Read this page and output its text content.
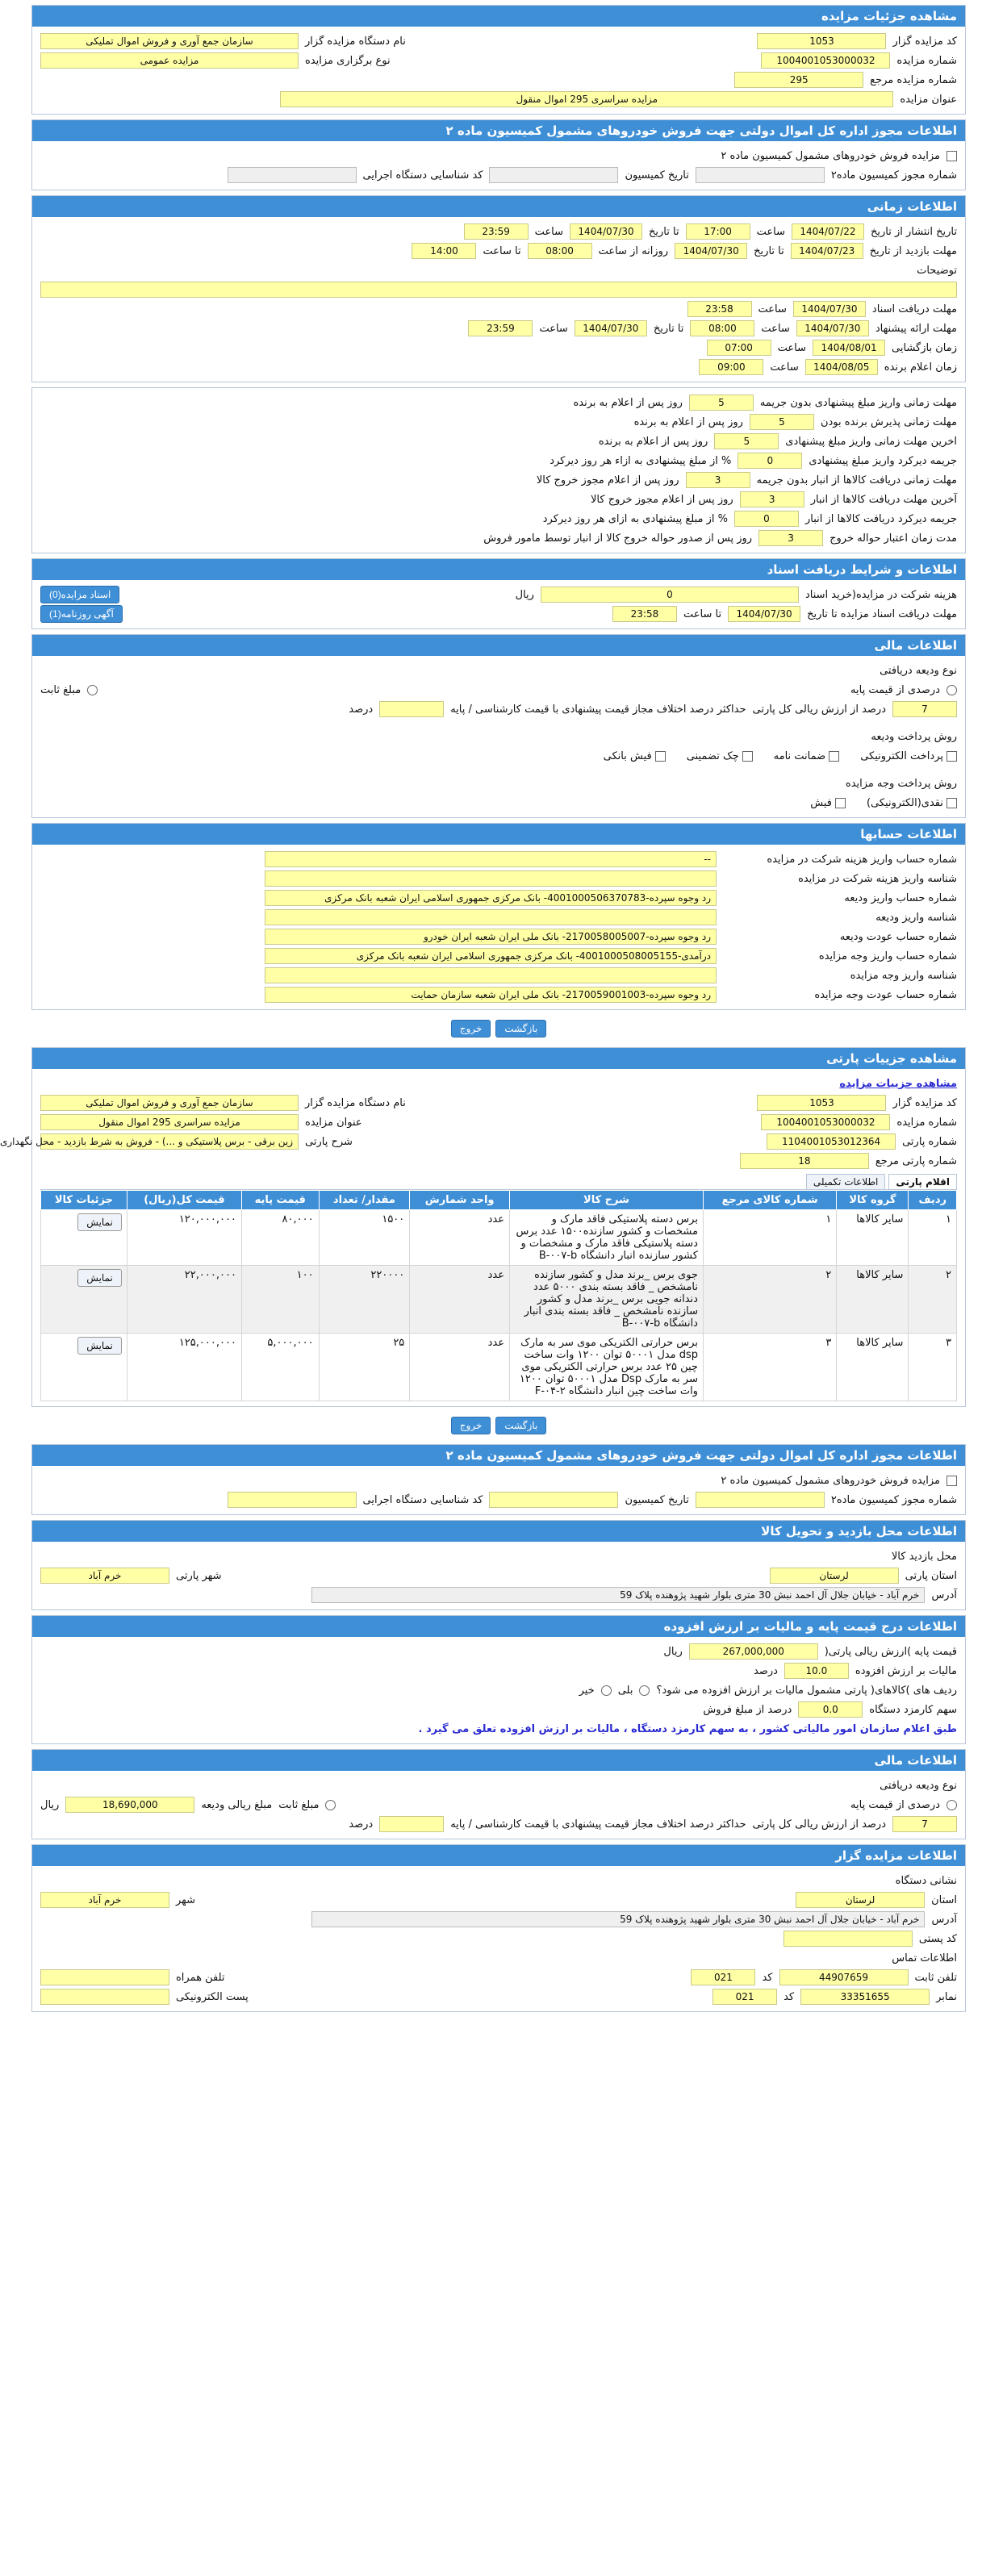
مشاهده جزئیات مزایده
کد مزایده گزار
1053
نام دستگاه مزایده گزار
سازمان جمع آوری و فروش اموال تملیکی
شماره مزایده
1004001053000032
نوع برگزاری مزایده
مزایده عمومی
شماره مزایده مرجع
295
عنوان مزایده
مزایده سراسری 295 اموال منقول
اطلاعات مجوز اداره کل اموال دولتی جهت فروش خودروهای مشمول کمیسیون ماده ۲
مزایده فروش خودروهای مشمول کمیسیون ماده ۲
شماره مجوز کمیسیون ماده۲
تاریخ کمیسیون
کد شناسایی دستگاه اجرایی
اطلاعات زمانی
تاریخ انتشار از تاریخ
1404/07/22
ساعت
17:00
تا تاریخ
1404/07/30
ساعت
23:59
مهلت بازدید از تاریخ
1404/07/23
تا تاریخ
1404/07/30
روزانه از ساعت
08:00
تا ساعت
14:00
توضیحات
مهلت دریافت اسناد
1404/07/30
ساعت
23:58
مهلت ارائه پیشنهاد
1404/07/30
ساعت
08:00
تا تاریخ
1404/07/30
ساعت
23:59
زمان بازگشایی
1404/08/01
ساعت
07:00
زمان اعلام برنده
1404/08/05
ساعت
09:00
مهلت زمانی واریز مبلغ پیشنهادی بدون جریمه
5
روز پس از اعلام به برنده
مهلت زمانی پذیرش برنده بودن
5
روز پس از اعلام به برنده
اخرین مهلت زمانی واریز مبلغ پیشنهادی
5
روز پس از اعلام به برنده
جریمه دیرکرد واریز مبلغ پیشنهادی
0
% از مبلغ پیشنهادی به ازاء هر روز دیرکرد
مهلت زمانی دریافت کالاها از انبار بدون جریمه
3
روز پس از اعلام مجوز خروج کالا
آخرین مهلت دریافت کالاها از انبار
3
روز پس از اعلام مجوز خروج کالا
جریمه دیرکرد دریافت کالاها از انبار
0
% از مبلغ پیشنهادی به ازای هر روز دیرکرد
مدت زمان اعتبار حواله خروج
3
روز پس از صدور حواله خروج کالا از انبار توسط مامور فروش
اطلاعات و شرایط دریافت اسناد
هزینه شرکت در مزایده(خرید اسناد
0
ریال
اسناد مزایده(0)
مهلت دریافت اسناد مزایده تا تاریخ
1404/07/30
تا ساعت
23:58
آگهی روزنامه(1)
اطلاعات مالی
نوع ودیعه دریافتی
درصدی از قیمت پایه
مبلغ ثابت
7
درصد از ارزش ریالی کل پارتی
حداکثر درصد اختلاف مجاز قیمت پیشنهادی با قیمت کارشناسی / پایه
درصد
روش پرداخت ودیعه
پرداخت الکترونیکی
ضمانت نامه
چک تضمینی
فیش بانکی
روش پرداخت وجه مزایده
نقدی(الکترونیکی)
فیش
اطلاعات حسابها
شماره حساب واریز هزینه شرکت در مزایده
--
شناسه واریز هزینه شرکت در مزایده
شماره حساب واریز ودیعه
رد وجوه سپرده-4001000506370783- بانک مرکزی جمهوری اسلامی ایران شعبه بانک مرکزی
شناسه واریز ودیعه
شماره حساب عودت ودیعه
رد وجوه سپرده-2170058005007- بانک ملی ایران شعبه ایران خودرو
شماره حساب واریز وجه مزایده
درآمدی-4001000508005155- بانک مرکزی جمهوری اسلامی ایران شعبه بانک مرکزی
شناسه واریز وجه مزایده
شماره حساب عودت وجه مزایده
رد وجوه سپرده-2170059001003- بانک ملی ایران شعبه سازمان حمایت
بازگشت
خروج
مشاهده جزییات پارتی
مشاهده جزییات مزایده
کد مزایده گزار
1053
نام دستگاه مزایده گزار
سازمان جمع آوری و فروش اموال تملیکی
شماره مزایده
1004001053000032
عنوان مزایده
مزایده سراسری 295 اموال منقول
شماره پارتی
1104001053012364
شرح پارتی
زین برقی - برس پلاستیکی و ...) - فروش به شرط بازدید - محل نگهداری
شماره پارتی مرجع
18
اقلام پارتی
اطلاعات تکمیلی
ردیف	گروه کالا	شماره کالای مرجع	شرح کالا	واحد شمارش	مقدار/ تعداد	قیمت پایه	قیمت کل(ریال)	جزئیات کالا
۱	سایر کالاها	۱	برس دسته پلاستیکی فاقد مارک و مشخصات و کشور سازنده۱۵۰۰ عدد برس دسته پلاستیکی فاقد مارک و مشخصات و کشور سازنده انبار دانشگاه B-۰۰۷-b	عدد	۱۵۰۰	۸۰,۰۰۰	۱۲۰,۰۰۰,۰۰۰	نمایش
۲	سایر کالاها	۲	جوی برس _برند مدل و کشور سازنده نامشخص _ فاقد بسته بندی ۵۰۰۰ عدد دندانه جویی برس _برند مدل و کشور سازنده نامشخص _ فاقد بسته بندی انبار دانشگاه B-۰۰۷-b	عدد	۲۲۰۰۰۰	۱۰۰	۲۲,۰۰۰,۰۰۰	نمایش
۳	سایر کالاها	۳	برس حرارتی الکتریکی موی سر به مارک dsp مدل ۵۰۰۰۱ توان ۱۲۰۰ وات ساخت چین ۲۵ عدد برس حرارتی الکتریکی موی سر به مارک Dsp مدل ۵۰۰۰۱ توان ۱۲۰۰ وات ساخت چین انبار دانشگاه F-۰۴-۲	عدد	۲۵	۵,۰۰۰,۰۰۰	۱۲۵,۰۰۰,۰۰۰	نمایش
بازگشت
خروج
اطلاعات مجوز اداره کل اموال دولتی جهت فروش خودروهای مشمول کمیسیون ماده ۲
مزایده فروش خودروهای مشمول کمیسیون ماده ۲
شماره مجوز کمیسیون ماده۲
تاریخ کمیسیون
کد شناسایی دستگاه اجرایی
اطلاعات محل بازدید و تحویل کالا
محل بازدید کالا
استان پارتی
لرستان
شهر پارتی
خرم آباد
آدرس
خرم آباد - خیابان جلال آل احمد نبش 30 متری بلوار شهید پژوهنده پلاک 59
اطلاعات درج قیمت پایه و مالیات بر ارزش افزوده
قیمت پایه )ارزش ریالی پارتی(
267,000,000
ریال
مالیات بر ارزش افزوده
10.0
درصد
ردیف های )کالاهای( پارتی مشمول مالیات بر ارزش افزوده می شود؟
بلی
خیر
سهم کارمزد دستگاه
0.0
درصد از مبلغ فروش
طبق اعلام سازمان امور مالیاتی کشور ، به سهم کارمزد دستگاه ، مالیات بر ارزش افزوده تعلق می گیرد .
اطلاعات مالی
نوع ودیعه دریافتی
درصدی از قیمت پایه
مبلغ ثابت
مبلغ ریالی ودیعه
18,690,000
ریال
7
درصد از ارزش ریالی کل پارتی
حداکثر درصد اختلاف مجاز قیمت پیشنهادی با قیمت کارشناسی / پایه
درصد
اطلاعات مزایده گزار
نشانی دستگاه
استان
لرستان
شهر
خرم آباد
آدرس
خرم آباد - خیابان جلال آل احمد نبش 30 متری بلوار شهید پژوهنده پلاک 59
کد پستی
اطلاعات تماس
تلفن ثابت
44907659
کد
021
تلفن همراه
نمابر
33351655
کد
021
پست الکترونیکی
